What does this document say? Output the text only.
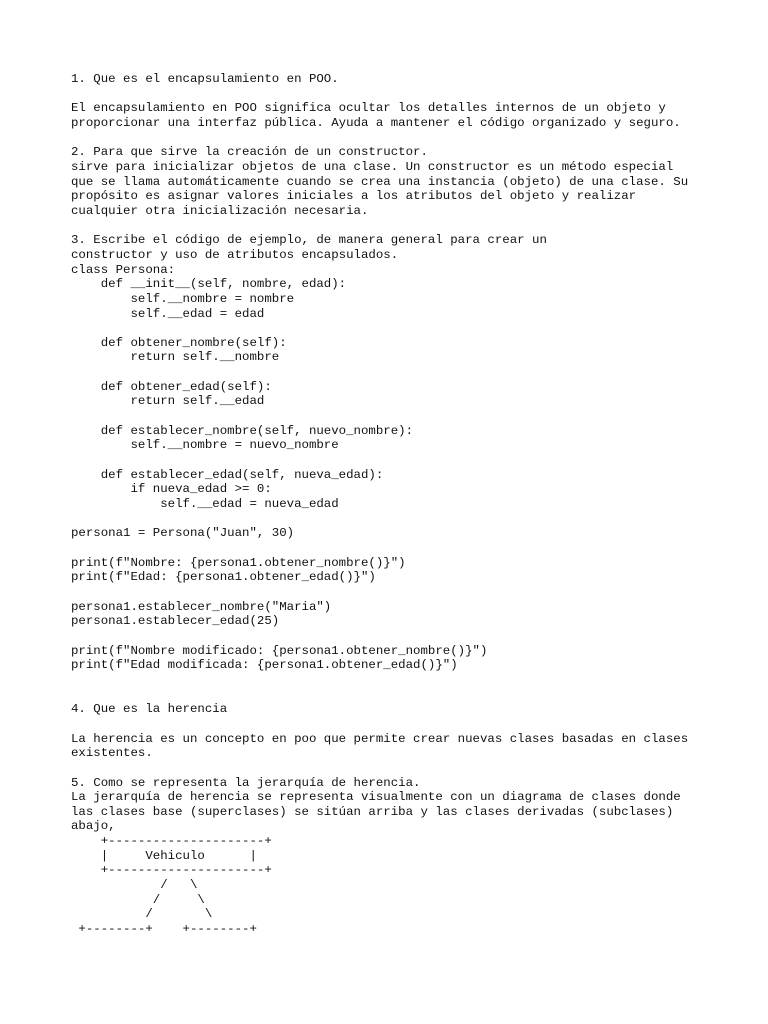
1. Que es el encapsulamiento en POO.

El encapsulamiento en POO significa ocultar los detalles internos de un objeto y
proporcionar una interfaz pública. Ayuda a mantener el código organizado y seguro.

2. Para que sirve la creación de un constructor.
sirve para inicializar objetos de una clase. Un constructor es un método especial
que se llama automáticamente cuando se crea una instancia (objeto) de una clase. Su
propósito es asignar valores iniciales a los atributos del objeto y realizar
cualquier otra inicialización necesaria.

3. Escribe el código de ejemplo, de manera general para crear un
constructor y uso de atributos encapsulados.
class Persona:
def __init__(self, nombre, edad):
self.__nombre = nombre
self.__edad = edad

def obtener_nombre(self):
return self.__nombre

def obtener_edad(self):
return self.__edad

def establecer_nombre(self, nuevo_nombre):
self.__nombre = nuevo_nombre

def establecer_edad(self, nueva_edad):
if nueva_edad >= 0:
self.__edad = nueva_edad

persona1 = Persona("Juan", 30)

print(f"Nombre: {persona1.obtener_nombre()}")
print(f"Edad: {persona1.obtener_edad()}")

persona1.establecer_nombre("Maria")
persona1.establecer_edad(25)

print(f"Nombre modificado: {persona1.obtener_nombre()}")
print(f"Edad modificada: {persona1.obtener_edad()}")

4. Que es la herencia

La herencia es un concepto en poo que permite crear nuevas clases basadas en clases
existentes.

5. Como se representa la jerarquía de herencia.
La jerarquía de herencia se representa visualmente con un diagrama de clases donde
las clases base (superclases) se sitúan arriba y las clases derivadas (subclases)
abajo,
+---------------------+
|     Vehiculo      |
+---------------------+
/   \
/     \
/       \
+--------+    +--------+
